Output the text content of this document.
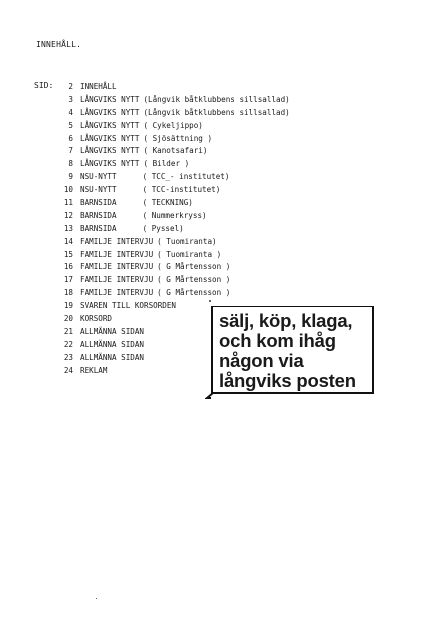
INNEHÅLL.
SID:	2 INNEHÅLL
3 LÅNGVIKS NYTT (Långvik båtklubbens sillsallad)
4 LÅNGVIKS NYTT (Långvik båtklubbens sillsallad)
5 LÅNGVIKS NYTT ( Cykeljippo)
6 LÅNGVIKS NYTT ( Sjösättning )
7 LÅNGVIKS NYTT ( Kanotsafari)
8 LÅNGVIKS NYTT ( Bilder )
9 NSU-NYTT	( TCC_- institutet)
10 NSU-NYTT	( TCC-institutet)
11 BARNSIDA	( TECKNING)
12 BARNSIDA	( Nummerkryss)
13 BARNSIDA	( Pyssel)
14 FAMILJE INTERVJU ( Tuomiranta)
15 FAMILJE INTERVJU ( Tuomiranta )
16 FAMILJE INTERVJU ( G Mårtensson )
17 FAMILJE INTERVJU ( G Mårtensson )
18 FAMILJE INTERVJU ( G Mårtensson )
19 SVAREN TILL KORSORDEN
20 KORSORD
21 ALLMÄNNA SIDAN
22 ALLMÄNNA SIDAN
23 ALLMÄNNA SIDAN
24 REKLAM
sälj, köp, klaga,
och kom ihåg
någon via
långviks posten
